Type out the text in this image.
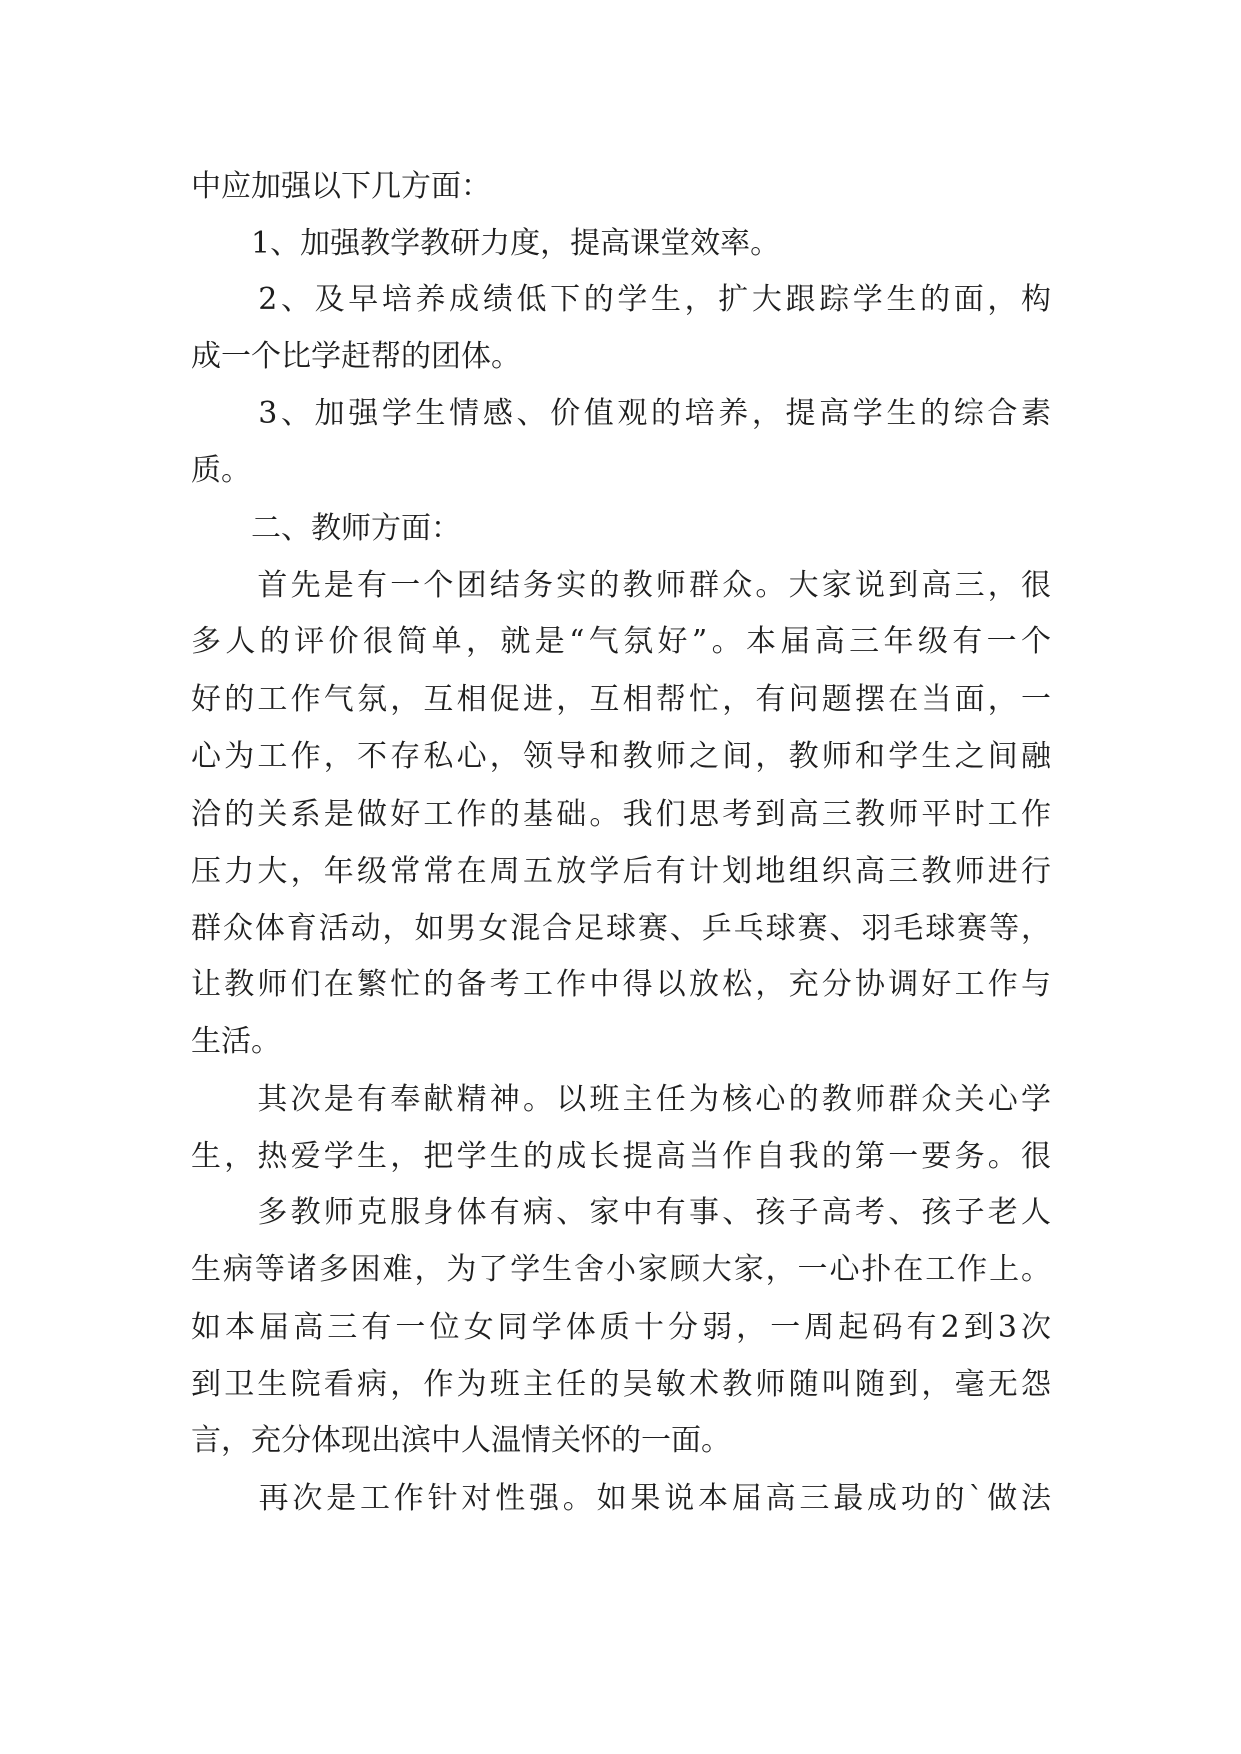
中应加强以下几方面：
　　1、加强教学教研力度，提高课堂效率。
　　2、及早培养成绩低下的学生，扩大跟踪学生的面，构
成一个比学赶帮的团体。
　　3、加强学生情感、价值观的培养，提高学生的综合素
质。
　　二、教师方面：
　　首先是有一个团结务实的教师群众。大家说到高三，很
多人的评价很简单，就是“气氛好”。本届高三年级有一个
好的工作气氛，互相促进，互相帮忙，有问题摆在当面，一
心为工作，不存私心，领导和教师之间，教师和学生之间融
洽的关系是做好工作的基础。我们思考到高三教师平时工作
压力大，年级常常在周五放学后有计划地组织高三教师进行
群众体育活动，如男女混合足球赛、乒乓球赛、羽毛球赛等，
让教师们在繁忙的备考工作中得以放松，充分协调好工作与
生活。
　　其次是有奉献精神。以班主任为核心的教师群众关心学
生，热爱学生，把学生的成长提高当作自我的第一要务。很
　　多教师克服身体有病、家中有事、孩子高考、孩子老人
生病等诸多困难，为了学生舍小家顾大家，一心扑在工作上。
如本届高三有一位女同学体质十分弱，一周起码有2到3次
到卫生院看病，作为班主任的吴敏术教师随叫随到，毫无怨
言，充分体现出滨中人温情关怀的一面。
　　再次是工作针对性强。如果说本届高三最成功的`做法
